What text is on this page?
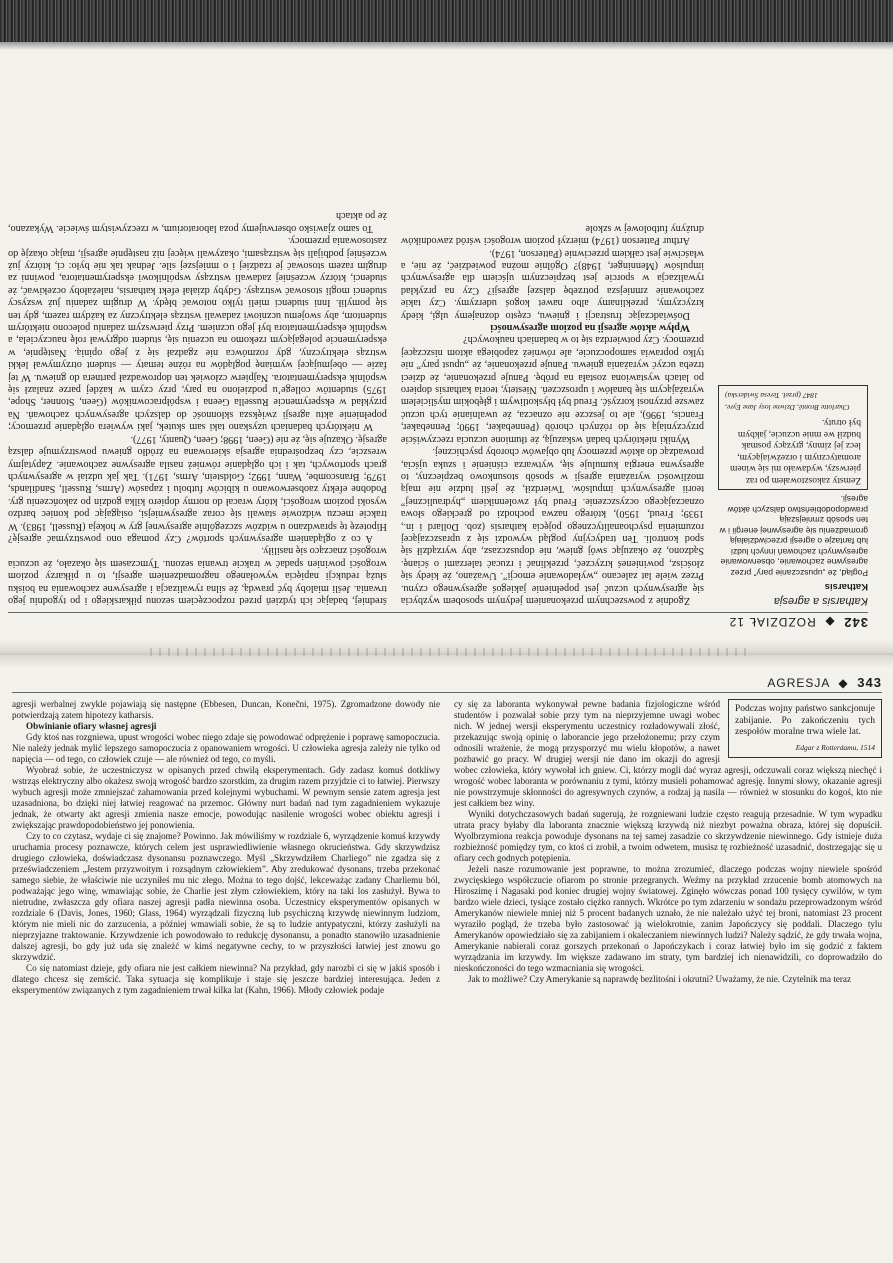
342  ◆  ROZDZIAŁ 12
Katharsis a agresja
Katharsis
Pogląd, że „upuszczanie pary” przez agresywne zachowanie, obserwowanie agresywnych zachowań innych ludzi lub fantazje o agresji przeciwdziałają gromadzeniu się agresywnej energii i w ten sposób zmniejszają prawdopodobieństwo dalszych aktów agresji.
Zemsty zakosztowałem po raz pierwszy, wydawało mi się winem aromatycznym i orzeźwiającym, lecz jej zimny, gryzący posmak budził we mnie uczucie, jakbym był otruty.
Charlotte Brontë, Dziwne losy Jane Eyre, 1847 (przeł. Teresa Świderska)

Zgodnie z powszechnym przekonaniem jedynym sposobem wyzbycia się agresywnych uczuć jest popełnienie jakiegoś agresywnego czynu. Przez wiele lat zalecano „wyładowanie emocji”. Uważano, że kiedy się złościsz, powinieneś krzyczeć, przeklinać i rzucać talerzami o ścianę. Sądzono, że okazując swój gniew, nie dopuszczasz, aby wyrządził się spod kontroli. Ten tradycyjny pogląd wywodzi się z upraszczającej rozumienia psychoanalitycznego pojęcia katharsis (zob. Dollard i in., 1939; Freud, 1950), którego nazwa pochodzi od greckiego słowa oznaczającego oczyszczenie. Freud był zwolennikiem „hydraulicznej” teorii agresywnych impulsów. Twierdził, że jeśli ludzie nie mają możliwości wyrażania agresji w sposób stosunkowo bezpieczny, to agresywna energia kumuluje się, wytwarza ciśnienie i szuka ujścia, prowadząc do aktów przemocy lub objawów choroby psychicznej.

Wyniki niektórych badań wskazują, że tłumione uczucia rzeczywiście przyczyniają się do różnych chorób (Pennebaker, 1990; Pennebaker, Francis, 1996), ale to jeszcze nie oznacza, że uwalnianie tych uczuć zawsze przynosi korzyść. Freud był błyskotliwym i głębokim myślicielem wyrażającym się banałów i uproszczeń. Niestety, teoria katharsis dopiero po latach wystawiona została na próbę. Panuje przekonanie, że dzieci trzeba uczyć wyrażania gniewu. Panuje przekonanie, że „upust pary” nie tylko poprawia samopoczucie, ale również zapobiega aktom niszczącej przemocy. Czy potwierdza się to w badaniach naukowych?

Wpływ aktów agresji na poziom agresywności

Doświadczając frustracji i gniewu, często doznajemy ulgi, kiedy krzyczymy, przeklinamy albo nawet kogoś uderzymy. Czy takie zachowanie zmniejsza potrzebę dalszej agresji? Czy na przykład rywalizacja w sporcie jest bezpiecznym ujściem dla agresywnych impulsów (Menninger, 1948)? Ogólnie można powiedzieć, że nie, a właściwie jest całkiem przeciwnie (Patterson, 1974).

Arthur Patterson (1974) mierzył poziom wrogości wśród zawodników drużyny futbolowej w szkole

średniej, badając ich tydzień przed rozpoczęciem sezonu piłkarskiego i po tygodniu jego trwania. Jeśli mialoby być prawdą, że silna rywalizacja i agresywne zachowania na boisku służą redukcji napięcia wywołanego nagromadzeniem agresji, to u piłkarzy poziom wrogości powinien spadać w trakcie trwania sezonu. Tymczasem się okazało, że uczucia wrogości znacząco się nasiliły.

A co z oglądaniem agresywnych sportów? Czy pomaga ono powstrzymać agresję? Hipotezę tę sprawdzano u widzów szczególnie agresywnej gry w hokeja (Russell, 1983). W trakcie meczu widzowie stawali się coraz agresywniejsi, osiągając pod koniec bardzo wysoki poziom wrogości, który wracał do normy dopiero kilka godzin po zakończeniu gry. Podobne efekty zaobserwowano u kibiców futbolu i zapasów (Arms, Russell, Sandilands, 1979; Branscombe, Wann, 1992; Goldstein, Arms, 1971). Tak jak udział w agresywnych grach sportowych, tak i ich oglądanie również nasila agresywne zachowanie. Zapytajmy wreszcie, czy bezpośrednia agresja skierowana na źródło gniewu powstrzymuje dalszą agresję. Okazuje się, że nie (Geen, 1998; Geen, Quanty, 1977).

W niektórych badaniach uzyskano taki sam skutek, jaki wywiera oglądanie przemocy; popełnienie aktu agresji zwiększa skłonność do dalszych agresywnych zachowań. Na przykład w eksperymencie Russella Geena i współpracowników (Geen, Stonner, Shope, 1975) studentów college’u podzielono na pary, przy czym w każdej parze znalazł się wspólnik eksperymentatora. Najpierw człowiek ten doprowadzał partnera do gniewu. W tej fazie — obejmującej wymianę poglądów na różne tematy — student otrzymywał lekki wstrząs elektryczny, gdy rozmówca nie zgadzał się z jego opinią. Następnie, w eksperymencie polegającym rzekomo na uczeniu się, student odgrywał rolę nauczyciela, a wspólnik eksperymentatora był jego uczniem. Przy pierwszym zadaniu polecono niektórym studentom, aby swojemu uczniowi zadawali wstrząs elektryczny za każdym razem, gdy ten się pomylił. Inni studenci mieli tylko notować błędy. W drugim zadaniu już wszyscy studenci mogli stosować wstrząsy. Gdyby działał efekt katharsis, należałoby oczekiwać, że studenci, którzy wcześniej zadawali wstrząsy wspólnikowi eksperymentatora, powinni za drugim razem stosować je rzadziej i o mniejszej sile. Jednak tak nie było: ci, którzy już wcześniej podbijali się wstrząsami, okazywali więcej niż następnie agresji, mając okazję do zastosowania przemocy.

To samo zjawisko obserwujemy poza laboratorium, w rzeczywistym świecie. Wykazano, że po aktach

AGRESJA  ◆  343

agresji werbalnej zwykle pojawiają się następne (Ebbesen, Duncan, Konečni, 1975). Zgromadzone dowody nie potwierdzają zatem hipotezy katharsis.

Obwinianie ofiary własnej agresji

Gdy ktoś nas rozgniewa, upust wrogości wobec niego zdaje się powodować odprężenie i poprawę samopoczucia. Nie należy jednak mylić lepszego samopoczucia z opanowaniem wrogości. U człowieka agresja zależy nie tylko od napięcia — od tego, co człowiek czuje — ale również od tego, co myśli.

Wyobraź sobie, że uczestniczysz w opisanych przed chwilą eksperymentach. Gdy zadasz komuś dotkliwy wstrząs elektryczny albo okażesz swoją wrogość bardzo szorstkim, za drugim razem przyjdzie ci to łatwiej. Pierwszy wybuch agresji może zmniejszać zahamowania przed kolejnymi wybuchami. W pewnym sensie zatem agresja jest uzasadniona, bo dzięki niej łatwiej reagować na przemoc. Główny nurt badań nad tym zagadnieniem wykazuje jednak, że otwarty akt agresji zmienia nasze emocje, powodując nasilenie wrogości wobec obiektu agresji i zwiększając prawdopodobieństwo jej ponowienia.

Czy to co czytasz, wydaje ci się znajome? Powinno. Jak mówiliśmy w rozdziale 6, wyrządzenie komuś krzywdy uruchamia procesy poznawcze, których celem jest usprawiedliwienie własnego okrucieństwa. Gdy skrzywdzisz drugiego człowieka, doświadczasz dysonansu poznawczego. Myśl „Skrzywdziłem Charliego” nie zgadza się z przeświadczeniem „Jestem przyzwoitym i rozsądnym człowiekiem”. Aby zredukować dysonans, trzeba przekonać samego siebie, że właściwie nie uczyniłeś mu nic złego. Można to tego dojść, lekceważąc zadany Charliemu ból, podważając jego winę, wmawiając sobie, że Charlie jest złym człowiekiem, który na taki los zasłużył. Bywa to nietrudne, zwłaszcza gdy ofiara naszej agresji padła niewinna osoba. Uczestnicy eksperymentów opisanych w rozdziale 6 (Davis, Jones, 1960; Glass, 1964) wyrządzali fizyczną lub psychiczną krzywdę niewinnym ludziom, którym nie mieli nic do zarzucenia, a później wmawiali sobie, że są to ludzie antypatyczni, którzy zasłużyli na nieprzyjazne traktowanie. Krzywdzenie ich powodowało to redukcję dysonansu, a ponadto stanowiło uzasadnienie dalszej agresji, bo gdy już uda się znaleźć w kimś negatywne cechy, to w przyszłości łatwiej jest znowu go skrzywdzić.

Co się natomiast dzieje, gdy ofiara nie jest całkiem niewinna? Na przykład, gdy narozbi ci się w jakiś sposób i dlatego chcesz się zemścić. Taka sytuacja się komplikuje i staje się jeszcze bardziej interesująca. Jeden z eksperymentów związanych z tym zagadnieniem trwał kilka lat (Kahn, 1966). Młody człowiek podaje

Podczas wojny państwo sankcjonuje zabijanie. Po zakończeniu tych zespołów moralne trwa wiele lat.
Edgar z Rotterdamu, 1514

cy się za laboranta wykonywał pewne badania fizjologiczne wśród studentów i pozwalał sobie przy tym na nieprzyjemne uwagi wobec nich. W jednej wersji eksperymentu uczestnicy rozładowywali złość, przekazując swoją opinię o laborancie jego przełożonemu; przy czym odnosili wrażenie, że mogą przysporzyć mu wielu kłopotów, a nawet pozbawić go pracy. W drugiej wersji nie dano im okazji do agresji wobec człowieka, który wywołał ich gniew. Ci, którzy mogli dać wyraz agresji, odczuwali coraz większą niechęć i wrogość wobec laboranta w porównaniu z tymi, którzy musieli pohamować agresję. Innymi słowy, okazanie agresji nie powstrzymuje skłonności do agresywnych czynów, a rodzaj ją nasila — również w stosunku do kogoś, kto nie jest całkiem bez winy.

Wyniki dotychczasowych badań sugerują, że rozgniewani ludzie często reagują przesadnie. W tym wypadku utrata pracy byłaby dla laboranta znacznie większą krzywdą niż niezbyt poważna obraza, której się dopuścił. Wyolbrzymiona reakcja powoduje dysonans na tej samej zasadzie co skrzywdzenie niewinnego. Gdy istnieje duża rozbieżność pomiędzy tym, co ktoś ci zrobił, a twoim odwetem, musisz tę rozbieżność uzasadnić, dostrzegając się u ofiary cech godnych potępienia.

Jeżeli nasze rozumowanie jest poprawne, to można zrozumieć, dlaczego podczas wojny niewiele spośród zwycięskiego współczucie ofiarom po stronie przegranych. Weźmy na przykład zrzucenie bomb atomowych na Hiroszimę i Nagasaki pod koniec drugiej wojny światowej. Zginęło wówczas ponad 100 tysięcy cywilów, w tym bardzo wiele dzieci, tysiące zostało ciężko rannych. Wkrótce po tym zdarzeniu w sondażu przeprowadzonym wśród Amerykanów niewiele mniej niż 5 procent badanych uznało, że nie należało użyć tej broni, natomiast 23 procent wyraziło pogląd, że trzeba było zastosować ją wielokrotnie, zanim Japończycy się poddali. Dlaczego tylu Amerykanów opowiedziało się za zabijaniem i okaleczaniem niewinnych ludzi? Należy sądzić, że gdy trwała wojna, Amerykanie nabierali coraz gorszych przekonań o Japończykach i coraz łatwiej było im się godzić z faktem wyrządzania im krzywdy. Im większe zadawano im straty, tym bardziej ich nienawidzili, co doprowadziło do nieskończoności do tego wzmacniania się wrogości.

Jak to możliwe? Czy Amerykanie są naprawdę bezlitośni i okrutni? Uważamy, że nie. Czytelnik ma teraz
